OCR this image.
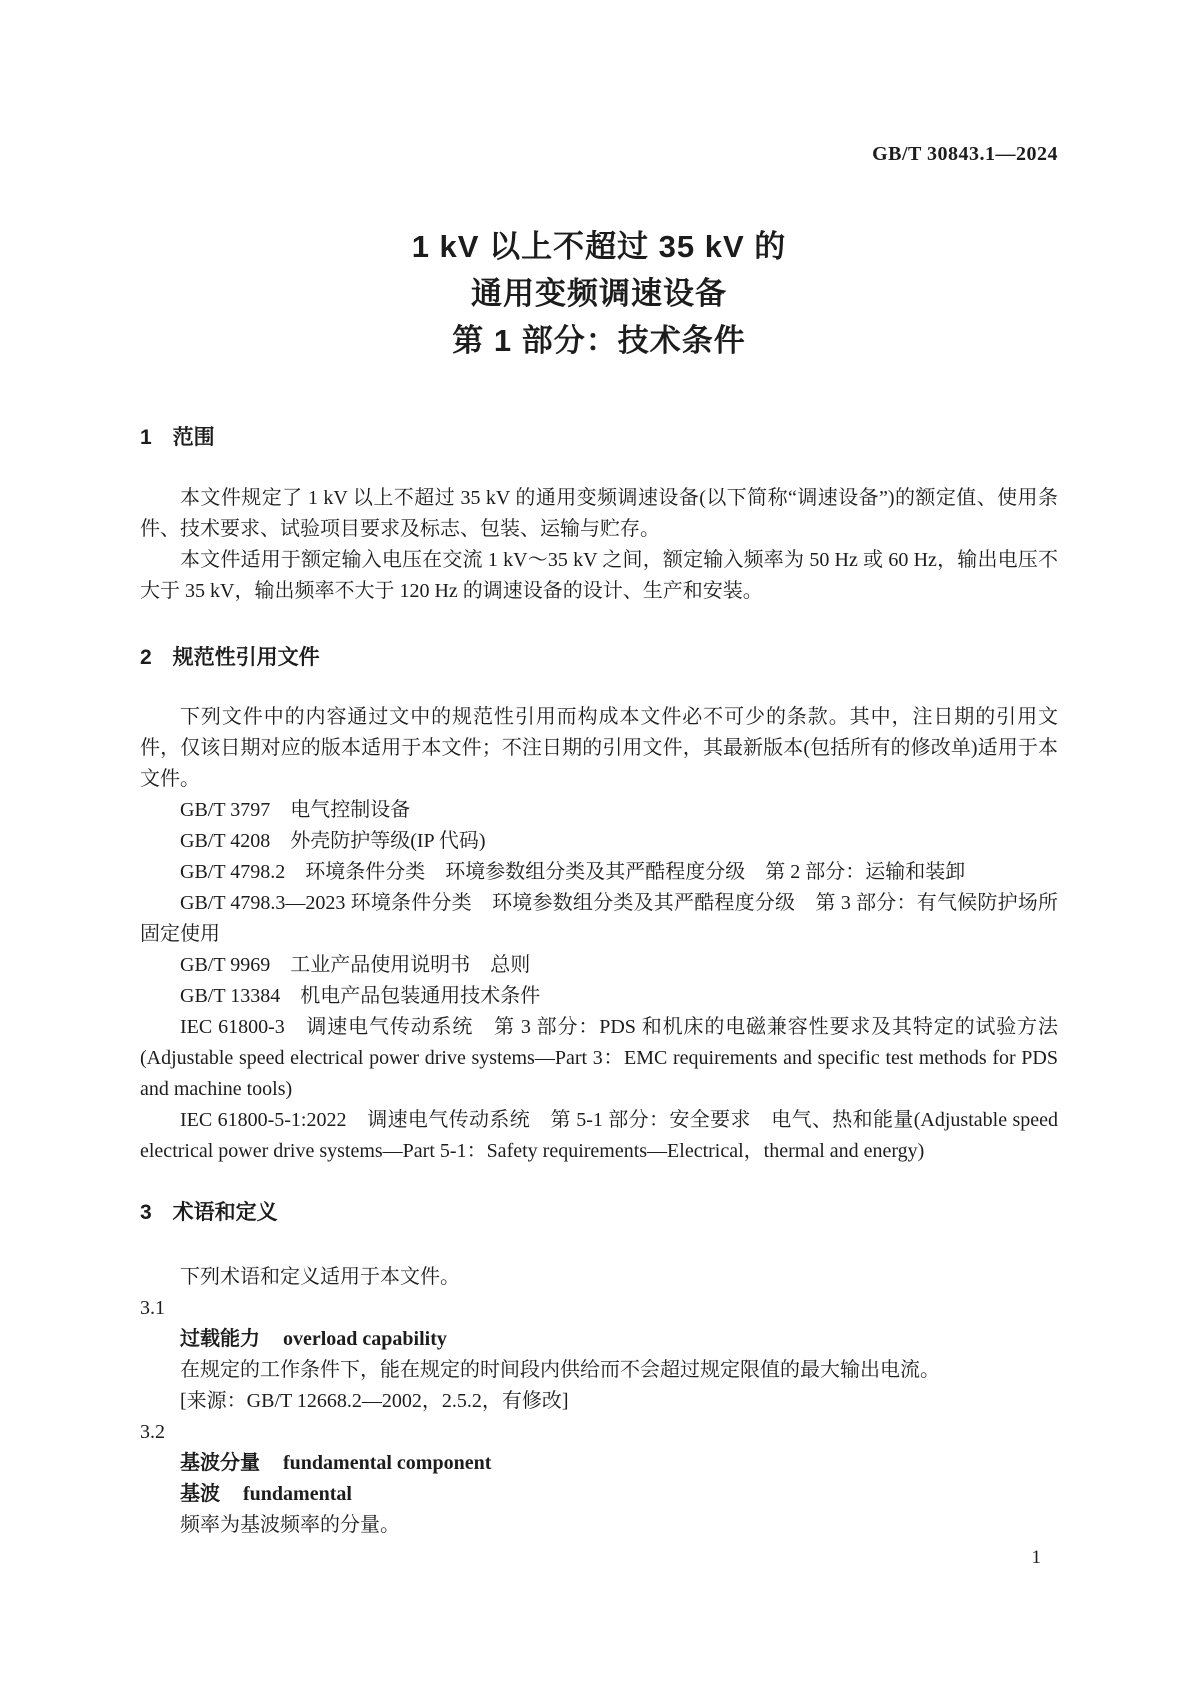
GB/T 30843.1—2024
1 kV 以上不超过 35 kV 的
通用变频调速设备
第 1 部分：技术条件
1　范围

本文件规定了 1 kV 以上不超过 35 kV 的通用变频调速设备(以下简称“调速设备”)的额定值、使用条件、技术要求、试验项目要求及标志、包装、运输与贮存。

本文件适用于额定输入电压在交流 1 kV～35 kV 之间，额定输入频率为 50 Hz 或 60 Hz，输出电压不大于 35 kV，输出频率不大于 120 Hz 的调速设备的设计、生产和安装。

2　规范性引用文件

下列文件中的内容通过文中的规范性引用而构成本文件必不可少的条款。其中，注日期的引用文件，仅该日期对应的版本适用于本文件；不注日期的引用文件，其最新版本(包括所有的修改单)适用于本文件。

GB/T 3797　电气控制设备

GB/T 4208　外壳防护等级(IP 代码)

GB/T 4798.2　环境条件分类　环境参数组分类及其严酷程度分级　第 2 部分：运输和装卸

GB/T 4798.3—2023 环境条件分类　环境参数组分类及其严酷程度分级　第 3 部分：有气候防护场所固定使用

GB/T 9969　工业产品使用说明书　总则

GB/T 13384　机电产品包装通用技术条件

IEC 61800-3　调速电气传动系统　第 3 部分：PDS 和机床的电磁兼容性要求及其特定的试验方法(Adjustable speed electrical power drive systems—Part 3：EMC requirements and specific test methods for PDS and machine tools)

IEC 61800-5-1:2022　调速电气传动系统　第 5-1 部分：安全要求　电气、热和能量(Adjustable speed electrical power drive systems—Part 5-1：Safety requirements—Electrical，thermal and energy)

3　术语和定义

下列术语和定义适用于本文件。

3.1

过载能力 overload capability

在规定的工作条件下，能在规定的时间段内供给而不会超过规定限值的最大输出电流。

[来源：GB/T 12668.2—2002，2.5.2，有修改]

3.2

基波分量 fundamental component

基波 fundamental

频率为基波频率的分量。

1
